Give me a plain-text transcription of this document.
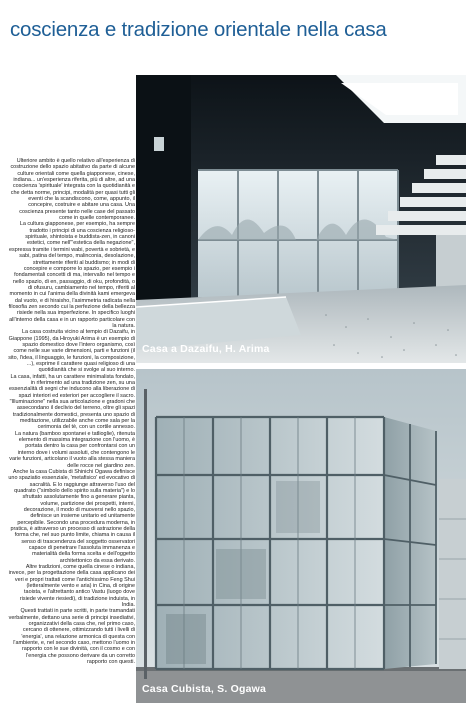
coscienza e tradizione orientale nella casa

Ulteriore ambito è quello relativo all'esperienza di costruzione dello spazio abitativo da parte di alcune culture orientali come quella giapponese, cinese, indiana... un'esperienza riferita, più di altre, ad una coscienza 'spirituale' integrata con la quotidianità e che detta norme, principi, modalità per quasi tutti gli eventi che la scandiscono, come, appunto, il concepire, costruire e abitare una casa. Una coscienza presente tanto nelle case del passato come in quelle contemporanee.

La cultura giapponese, per esempio, ha sempre tradotto i principi di una coscienza religioso-spirituale, shintoista e buddista-zen, in canoni estetici, come nell'"estetica della negazione", espressa tramite i termini wabi, povertà e sobrietà, e sabi, patina del tempo, malinconia, desolazione, strettamente riferiti al buddismo; in modi di concepire e comporre lo spazio, per esempio i fondamentali concetti di ma, intervallo nel tempo e nello spazio, di en, passaggio, di oku, profondità, o di ofusuru, cambiamento nel tempo, riferiti al momento in cui l'anima della divinità kami emergeva dal vuoto, e di hiraisho, l'asimmetria radicata nella filosofia zen secondo cui la perfezione della bellezza risiede nella sua imperfezione. In specifico luoghi all'interno della casa e in un rapporto particolare con la natura.

La casa costruita vicino al tempio di Dazaifu, in Giappone (1995), da Hiroyuki Arima è un esempio di spazio domestico dove l'intero organismo, così come nelle sue varie dimensioni, parti e funzioni (il sito, l'idea, il linguaggio, le funzioni, la composizione, ...), esprime il carattere quasi religioso di una quotidianità che si svolge al suo interno.

La casa, infatti, ha un carattere minimalista fondato, in riferimento ad una tradizione zen, su una essenzialità di segni che inducono alla liberazione di spazi interiori ed esteriori per accogliere il sacro. "Illuminazione" nella sua articolazione e gradoni che assecondano il declivio del terreno, oltre gli spazi tradizionalmente domestici, presenta uno spazio di meditazione, utilizzabile anche come sala per la cerimonia del tè, con un cortile annesso.

La natura (bamboo spontanei e tatlioglie), ritenuta elemento di massima integrazione con l'uomo, è portata dentro la casa per confrontarsi con un interno dove i volumi assoluti, che contengono le varie funzioni, articolano il vuoto alla stessa maniera delle rocce nel giardino zen.

Anche la casa Cubista di Shinichi Ogawa definisce uno spaziatio essenziale, 'metafisico' ed evocativo di sacralità. E lo raggiunge attraverso l'uso del quadrato ("simbolo dello spirito sulla materia") e lo sfruttato assolutamente fino a generare pianta, volume, partizione dei prospetti, interni, decorazione, il modo di muoversi nello spazio, definisce un insieme unitario ed unitamente percepibile. Secondo una procedura moderna, in pratica, è attraverso un processo di astrazione della forma che, nel suo punto limite, chiama in causa il senso di trascendenza del soggetto osservatori capace di penetrare l'assoluta immanenza e materialità della forma scelta e dell'oggetto architettonico da essa derivato.

Altre tradizioni, come quella cinese o indiana, invece, per la progettazione della casa applicano dei veri e propri trattati come l'antichissimo Feng Shui (letteralmente vento e aria) in Cina, di origine taoista, e l'altrettanto antico Vastu (luogo dove risiede vivente riesiedi), di tradizione induista, in India.

Questi trattati in parte scritti, in parte tramandati verbalmente, dettano una serie di principi insediativi, organizzativi della casa che, nel primo caso, cercano di ottenere, ottimizzando tutti i livelli di 'energia', una relazione armonica di questa con l'ambiente, e, nel secondo caso, mettono l'uomo in rapporto con le sue divinità, con il cosmo e con l'energia che possono derivare da un corretto rapporto con questi.

Casa a Dazaifu, H. Arima
Casa Cubista, S. Ogawa
